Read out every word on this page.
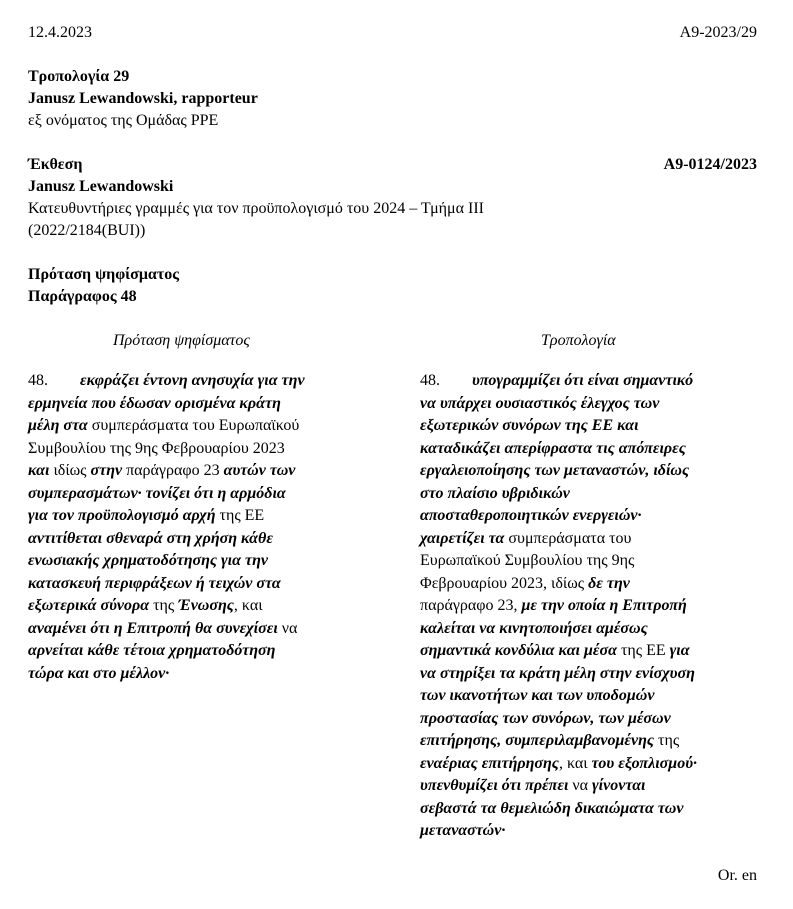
12.4.2023	A9-2023/29
Τροπολογία 29
Janusz Lewandowski, rapporteur
εξ ονόματος της Ομάδας PPE
Έκθεση	A9-0124/2023
Janusz Lewandowski
Κατευθυντήριες γραμμές για τον προϋπολογισμό του 2024 – Τμήμα ΙΙΙ
(2022/2184(BUI))
Πρόταση ψηφίσματος
Παράγραφος 48
Πρόταση ψηφίσματος	Τροπολογία
48. εκφράζει έντονη ανησυχία για την
ερμηνεία που έδωσαν ορισμένα κράτη
μέλη στα συμπεράσματα του Ευρωπαϊκού
Συμβουλίου της 9ης Φεβρουαρίου 2023
και ιδίως στην παράγραφο 23 αυτών των
συμπερασμάτων· τονίζει ότι η αρμόδια
για τον προϋπολογισμό αρχή της ΕΕ
αντιτίθεται σθεναρά στη χρήση κάθε
ενωσιακής χρηματοδότησης για την
κατασκευή περιφράξεων ή τειχών στα
εξωτερικά σύνορα της Ένωσης, και
αναμένει ότι η Επιτροπή θα συνεχίσει να
αρνείται κάθε τέτοια χρηματοδότηση
τώρα και στο μέλλον·
48. υπογραμμίζει ότι είναι σημαντικό
να υπάρχει ουσιαστικός έλεγχος των
εξωτερικών συνόρων της ΕΕ και
καταδικάζει απερίφραστα τις απόπειρες
εργαλειοποίησης των μεταναστών, ιδίως
στο πλαίσιο υβριδικών
αποσταθεροποιητικών ενεργειών·
χαιρετίζει τα συμπεράσματα του
Ευρωπαϊκού Συμβουλίου της 9ης
Φεβρουαρίου 2023, ιδίως δε την
παράγραφο 23, με την οποία η Επιτροπή
καλείται να κινητοποιήσει αμέσως
σημαντικά κονδύλια και μέσα της ΕΕ για
να στηρίξει τα κράτη μέλη στην ενίσχυση
των ικανοτήτων και των υποδομών
προστασίας των συνόρων, των μέσων
επιτήρησης, συμπεριλαμβανομένης της
εναέριας επιτήρησης, και του εξοπλισμού·
υπενθυμίζει ότι πρέπει να γίνονται
σεβαστά τα θεμελιώδη δικαιώματα των
μεταναστών·
Or. en
